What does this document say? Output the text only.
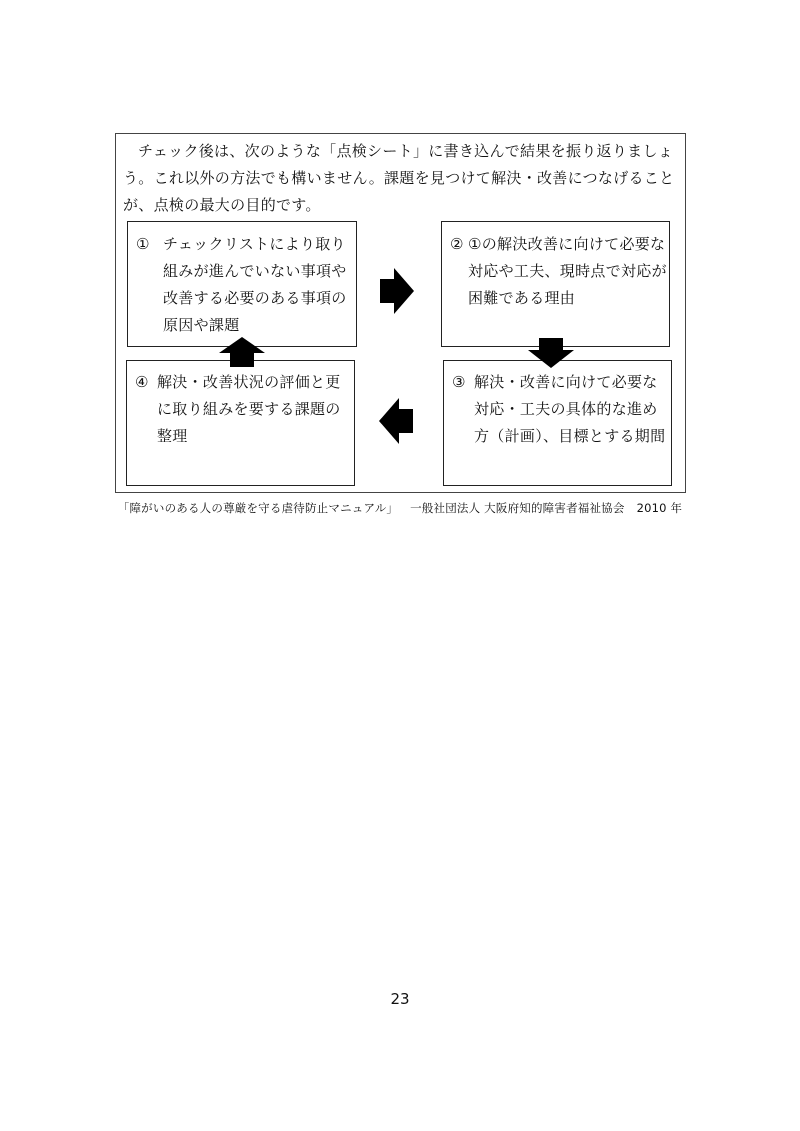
チェック後は、次のような「点検シート」に書き込んで結果を振り返りましょう。これ以外の方法でも構いません。課題を見つけて解決・改善につなげることが、点検の最大の目的です。

① チェックリストにより取り組みが進んでいない事項や改善する必要のある事項の原因や課題
② ①の解決改善に向けて必要な対応や工夫、現時点で対応が困難である理由
③ 解決・改善に向けて必要な対応・工夫の具体的な進め方（計画）、目標とする期間
④ 解決・改善状況の評価と更に取り組みを要する課題の整理
「障がいのある人の尊厳を守る虐待防止マニュアル」 一般社団法人 大阪府知的障害者福祉協会 2010 年
23
